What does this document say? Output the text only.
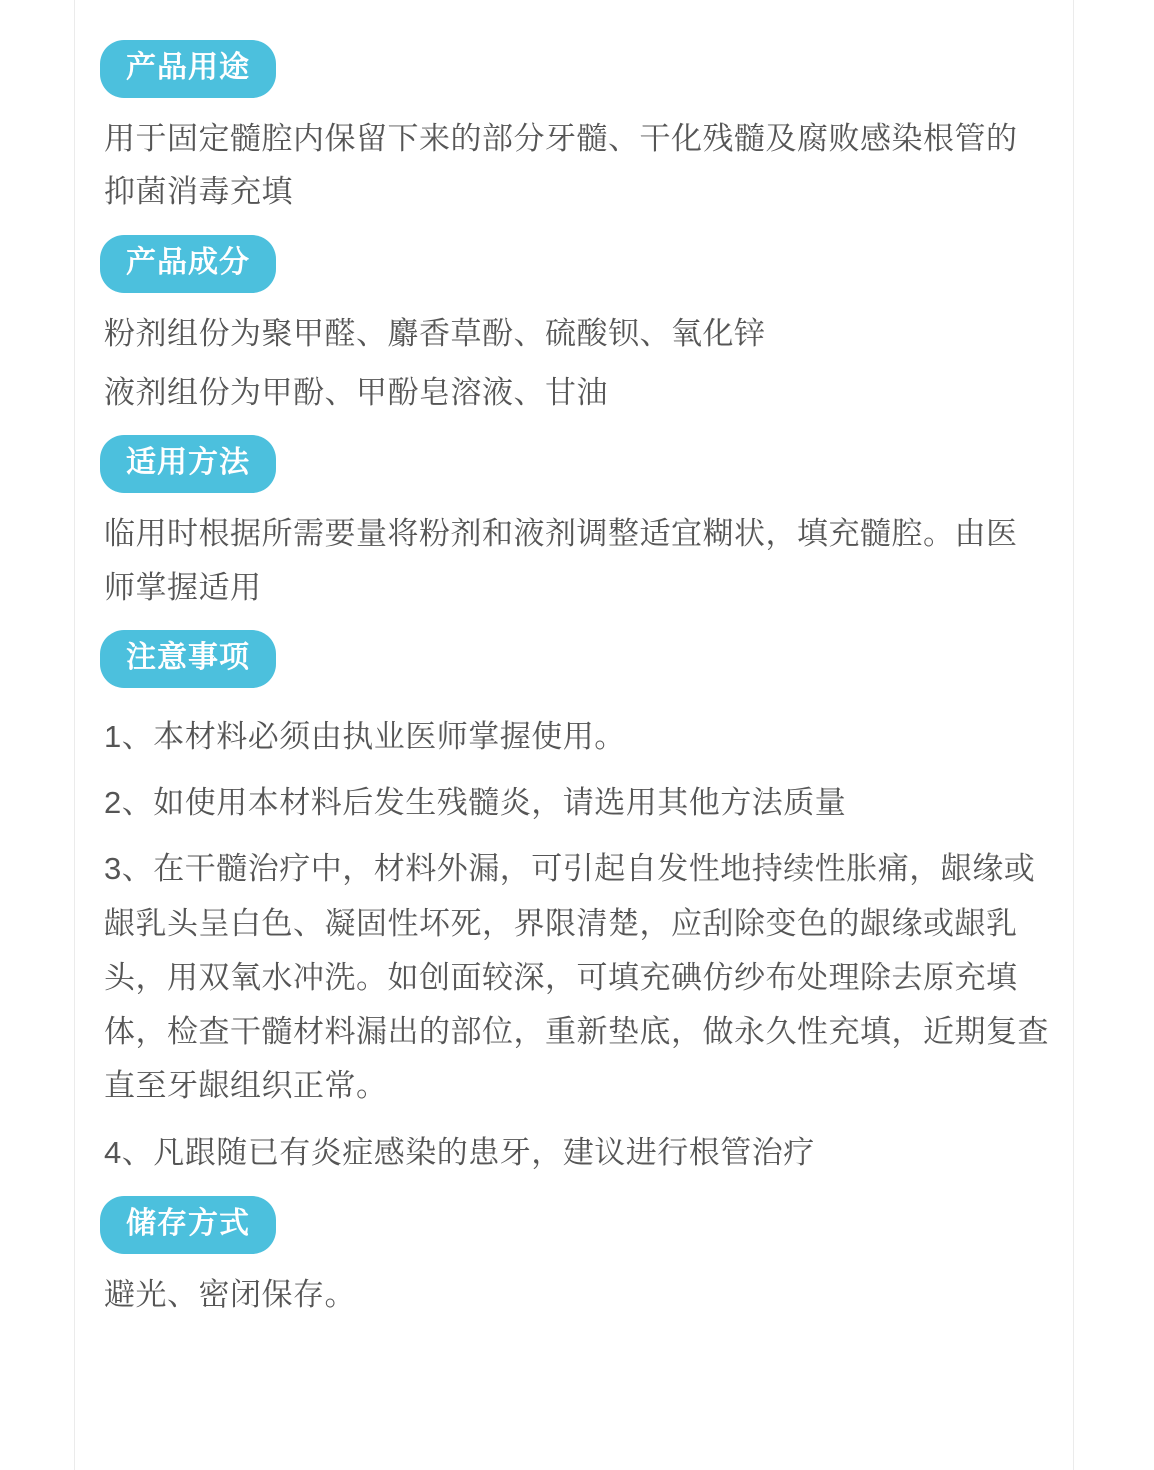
产品用途

用于固定髓腔内保留下来的部分牙髓、干化残髓及腐败感染根管的抑菌消毒充填

产品成分

粉剂组份为聚甲醛、麝香草酚、硫酸钡、氧化锌

液剂组份为甲酚、甲酚皂溶液、甘油

适用方法

临用时根据所需要量将粉剂和液剂调整适宜糊状，填充髓腔。由医师掌握适用

注意事项
1、本材料必须由执业医师掌握使用。
2、如使用本材料后发生残髓炎，请选用其他方法质量
3、在干髓治疗中，材料外漏，可引起自发性地持续性胀痛，龈缘或龈乳头呈白色、凝固性坏死，界限清楚，应刮除变色的龈缘或龈乳头，用双氧水冲洗。如创面较深，可填充碘仿纱布处理除去原充填体，检查干髓材料漏出的部位，重新垫底，做永久性充填，近期复查直至牙龈组织正常。
4、凡跟随已有炎症感染的患牙，建议进行根管治疗
储存方式

避光、密闭保存。
